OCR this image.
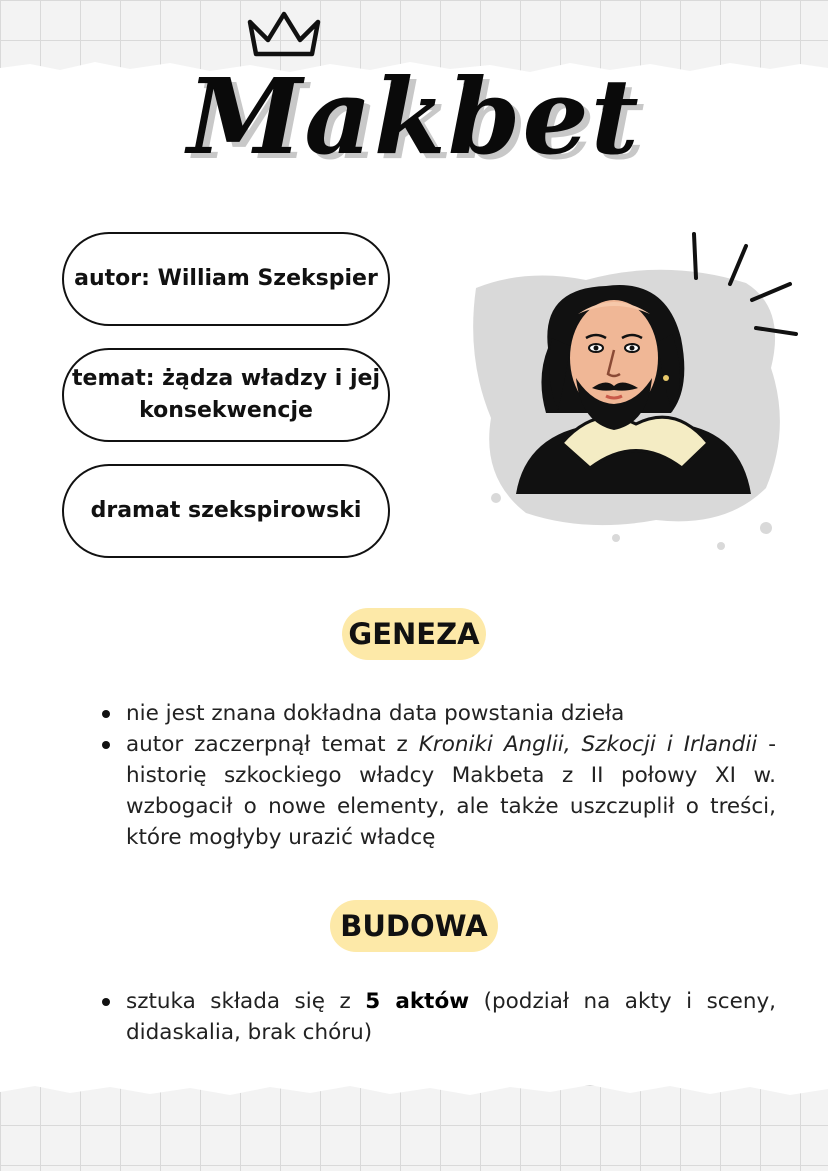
Makbet
autor: William Szekspier
temat: żądza władzy i jej konsekwencje
dramat szekspirowski
GENEZA
nie jest znana dokładna data powstania dzieła
autor zaczerpnął temat z Kroniki Anglii, Szkocji i Irlandii - historię szkockiego władcy Makbeta z II połowy XI w. wzbogacił o nowe elementy, ale także uszczuplił o treści, które mogłyby urazić władcę
BUDOWA
sztuka składa się z 5 aktów (podział na akty i sceny, didaskalia, brak chóru)
